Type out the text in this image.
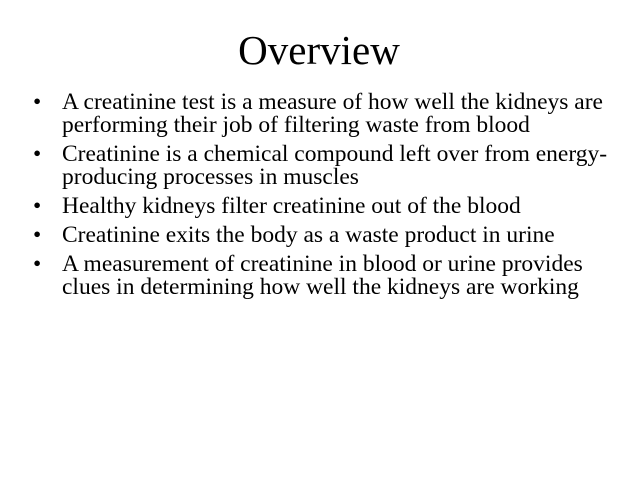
Overview
• A creatinine test is a measure of how well the kidneys are performing their job of filtering waste from blood
• Creatinine is a chemical compound left over from energy-producing processes in muscles
• Healthy kidneys filter creatinine out of the blood
• Creatinine exits the body as a waste product in urine
• A measurement of creatinine in blood or urine provides clues in determining how well the kidneys are working
